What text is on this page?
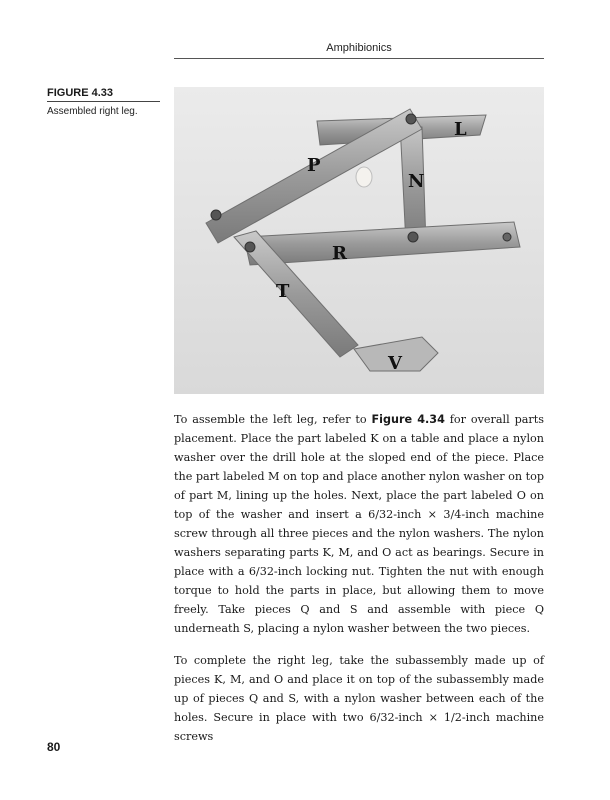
Amphibionics
FIGURE 4.33
Assembled right leg.
L
P
N
R
T
V

To assemble the left leg, refer to Figure 4.34 for overall parts placement. Place the part labeled K on a table and place a nylon washer over the drill hole at the sloped end of the piece. Place the part labeled M on top and place another nylon washer on top of part M, lining up the holes. Next, place the part labeled O on top of the washer and insert a 6/32-inch × 3/4-inch machine screw through all three pieces and the nylon washers. The nylon washers separating parts K, M, and O act as bearings. Secure in place with a 6/32-inch locking nut. Tighten the nut with enough torque to hold the parts in place, but allowing them to move freely. Take pieces Q and S and assemble with piece Q underneath S, placing a nylon washer between the two pieces.

To complete the right leg, take the subassembly made up of pieces K, M, and O and place it on top of the subassembly made up of pieces Q and S, with a nylon washer between each of the holes. Secure in place with two 6/32-inch × 1/2-inch machine screws

80
